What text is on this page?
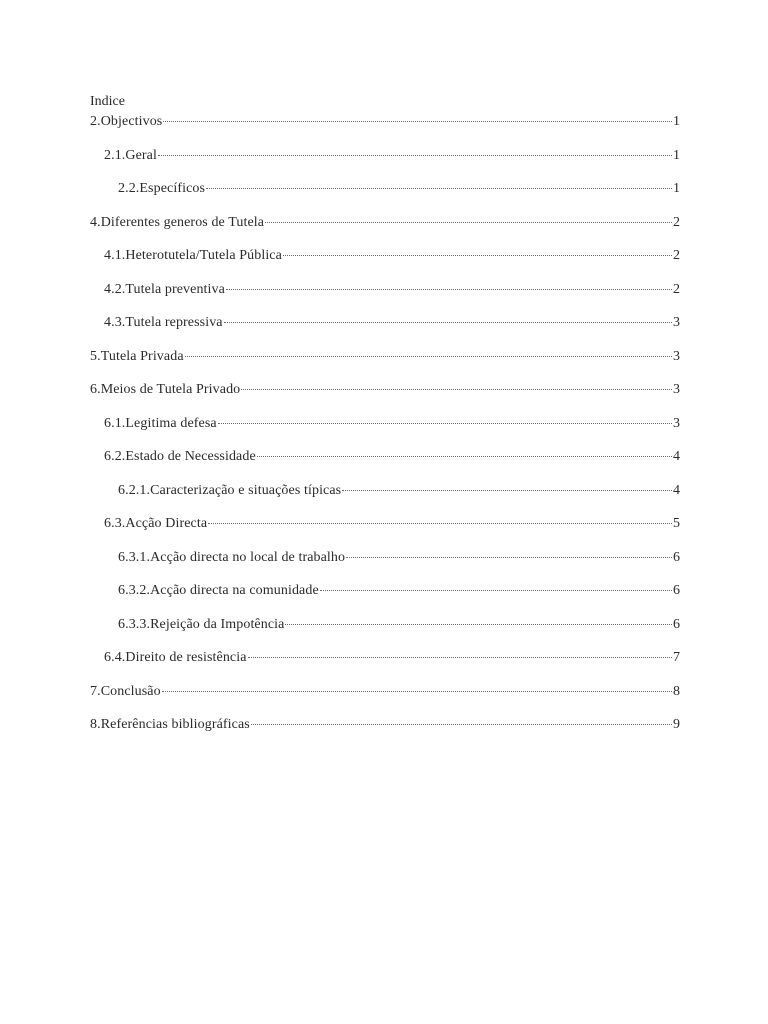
Indice
2.Objectivos	1
2.1.Geral	1
2.2.Específicos	1
4.Diferentes generos de Tutela	2
4.1.Heterotutela/Tutela Pública	2
4.2.Tutela preventiva	2
4.3.Tutela repressiva	3
5.Tutela Privada	3
6.Meios de Tutela Privado	3
6.1.Legitima defesa	3
6.2.Estado de Necessidade	4
6.2.1.Caracterização e situações típicas	4
6.3.Acção Directa	5
6.3.1.Acção directa no local de trabalho	6
6.3.2.Acção directa na comunidade	6
6.3.3.Rejeição da Impotência	6
6.4.Direito de resistência	7
7.Conclusão	8
8.Referências bibliográficas	9
